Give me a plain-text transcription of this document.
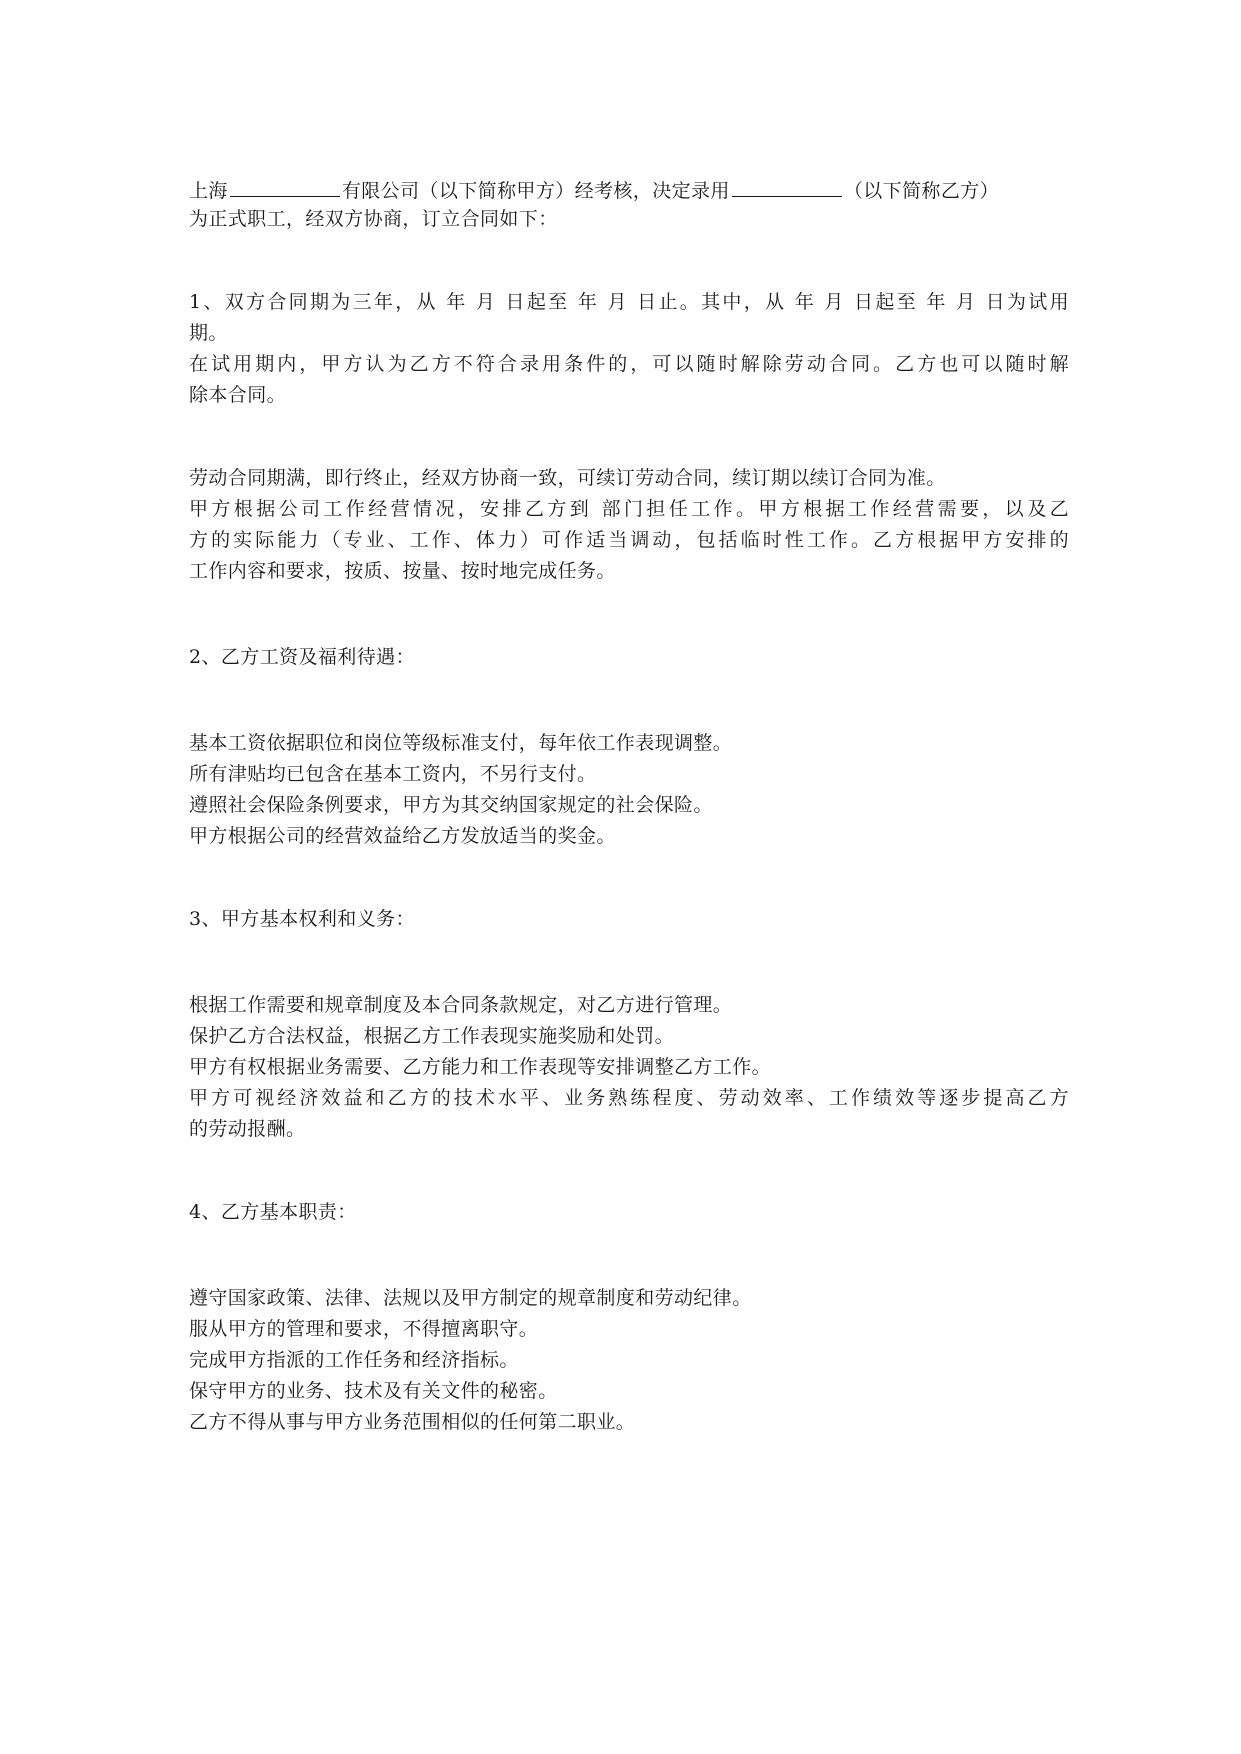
上海	有限公司（以下简称甲方）经考核，决定录用	（以下简称乙方）
为正式职工，经双方协商，订立合同如下：
1、双方合同期为三年，从 年 月 日起至 年 月 日止。其中，从 年 月 日起至 年 月 日为试用
期。
在试用期内，甲方认为乙方不符合录用条件的，可以随时解除劳动合同。乙方也可以随时解
除本合同。
劳动合同期满，即行终止，经双方协商一致，可续订劳动合同，续订期以续订合同为准。
甲方根据公司工作经营情况，安排乙方到 部门担任工作。甲方根据工作经营需要，以及乙
方的实际能力（专业、工作、体力）可作适当调动，包括临时性工作。乙方根据甲方安排的
工作内容和要求，按质、按量、按时地完成任务。
2、乙方工资及福利待遇：
基本工资依据职位和岗位等级标准支付，每年依工作表现调整。
所有津贴均已包含在基本工资内，不另行支付。
遵照社会保险条例要求，甲方为其交纳国家规定的社会保险。
甲方根据公司的经营效益给乙方发放适当的奖金。
3、甲方基本权利和义务：
根据工作需要和规章制度及本合同条款规定，对乙方进行管理。
保护乙方合法权益，根据乙方工作表现实施奖励和处罚。
甲方有权根据业务需要、乙方能力和工作表现等安排调整乙方工作。
甲方可视经济效益和乙方的技术水平、业务熟练程度、劳动效率、工作绩效等逐步提高乙方
的劳动报酬。
4、乙方基本职责：
遵守国家政策、法律、法规以及甲方制定的规章制度和劳动纪律。
服从甲方的管理和要求，不得擅离职守。
完成甲方指派的工作任务和经济指标。
保守甲方的业务、技术及有关文件的秘密。
乙方不得从事与甲方业务范围相似的任何第二职业。
